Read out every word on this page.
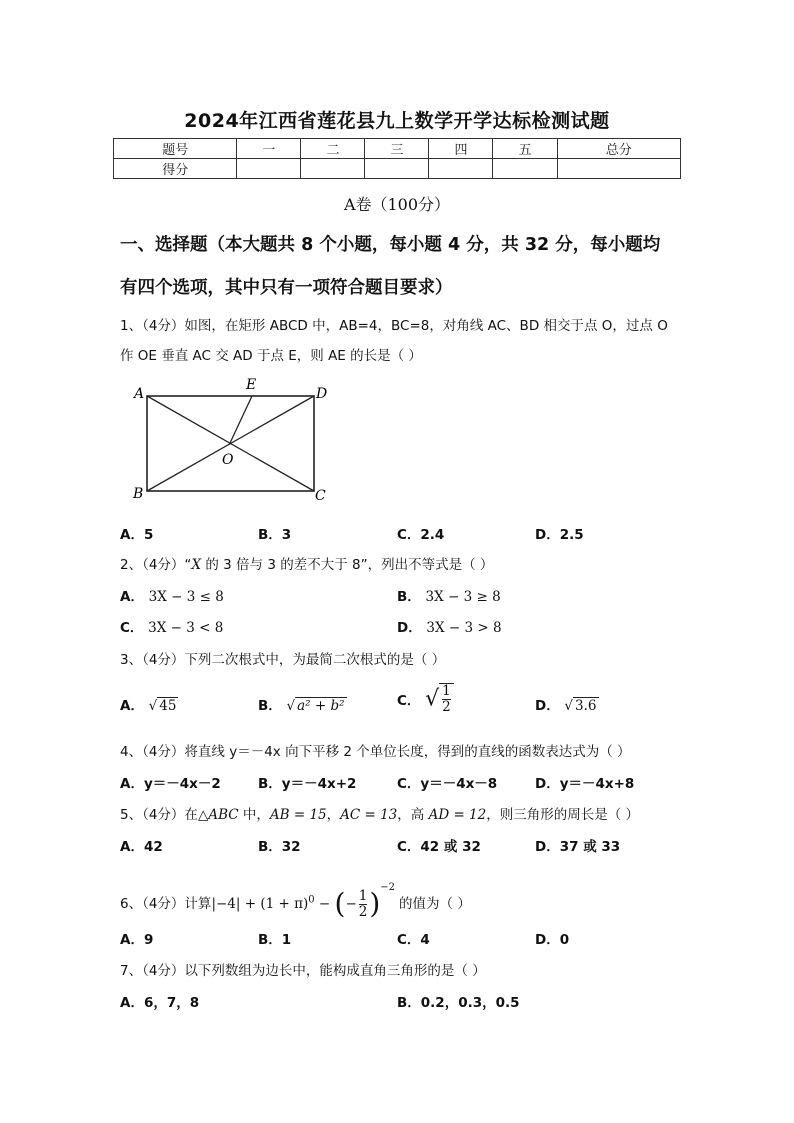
2024年江西省莲花县九上数学开学达标检测试题
题号	一	二	三	四	五	总分
得分						
A卷（100分）
一、选择题（本大题共 8 个小题，每小题 4 分，共 32 分，每小题均
有四个选项，其中只有一项符合题目要求）
1、（4分）如图，在矩形 ABCD 中，AB=4，BC=8，对角线 AC、BD 相交于点 O，过点 O
作 OE 垂直 AC 交 AD 于点 E，则 AE 的长是（ ）
A
B	C
D
E
O
A．5	B．3	C．2.4	D．2.5
2、（4分）“X 的 3 倍与 3 的差不大于 8”，列出不等式是（ ）
A． 3X − 3 ≤ 8	B． 3X − 3 ≥ 8
C． 3X − 3 < 8	D． 3X − 3 > 8
3、（4分）下列二次根式中，为最简二次根式的是（ ）
A． √ 45	B． √ a² + b²	C． √ $\frac{1}{2}$	D． √ 3.6
4、（4分）将直线 y＝－4x 向下平移 2 个单位长度，得到的直线的函数表达式为（ ）
A．y＝－4x－2	B．y＝－4x+2	C．y＝－4x－8	D．y＝－4x+8
5、（4分）在△ABC 中，AB = 15，AC = 13，高 AD = 12，则三角形的周长是（ ）
A．42	B．32	C．42 或 32	D．37 或 33
6、（4分）计算$|-4| + (1 + \pi)^0$ − (− $\frac{1}{2} )^{-2}$的值为（ ）
A．9	B．1	C．4	D．0
7、（4分）以下列数组为边长中，能构成直角三角形的是（ ）
A．6，7，8	B．0.2，0.3，0.5
